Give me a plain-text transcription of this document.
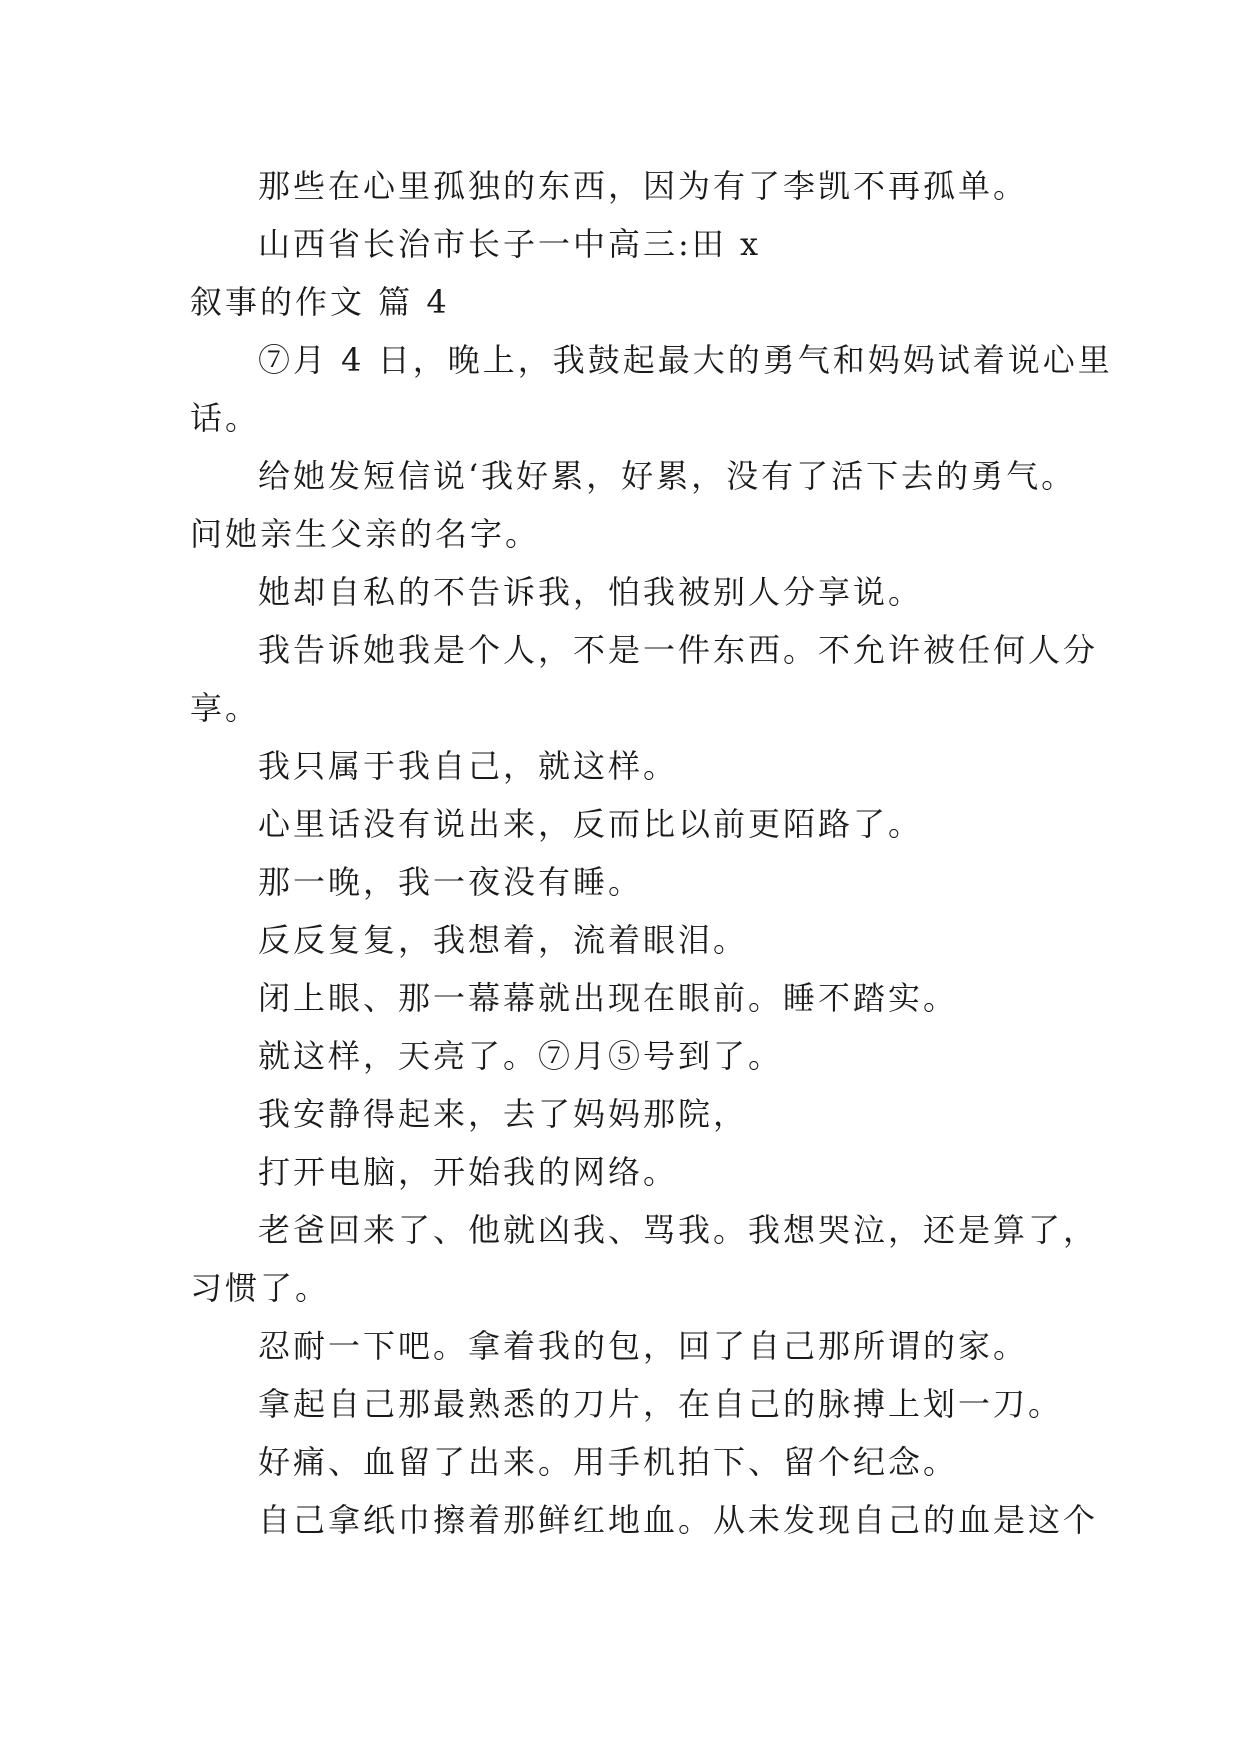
那些在心里孤独的东西，因为有了李凯不再孤单。
山西省长治市长子一中高三:田 x
叙事的作文 篇 4
⑦月 4 日，晚上，我鼓起最大的勇气和妈妈试着说心里
话。
给她发短信说‘我好累，好累，没有了活下去的勇气。
问她亲生父亲的名字。
她却自私的不告诉我，怕我被别人分享说。
我告诉她我是个人，不是一件东西。不允许被任何人分
享。
我只属于我自己，就这样。
心里话没有说出来，反而比以前更陌路了。
那一晚，我一夜没有睡。
反反复复，我想着，流着眼泪。
闭上眼、那一幕幕就出现在眼前。睡不踏实。
就这样，天亮了。⑦月⑤号到了。
我安静得起来，去了妈妈那院，
打开电脑，开始我的网络。
老爸回来了、他就凶我、骂我。我想哭泣，还是算了，
习惯了。
忍耐一下吧。拿着我的包，回了自己那所谓的家。
拿起自己那最熟悉的刀片，在自己的脉搏上划一刀。
好痛、血留了出来。用手机拍下、留个纪念。
自己拿纸巾擦着那鲜红地血。从未发现自己的血是这个
